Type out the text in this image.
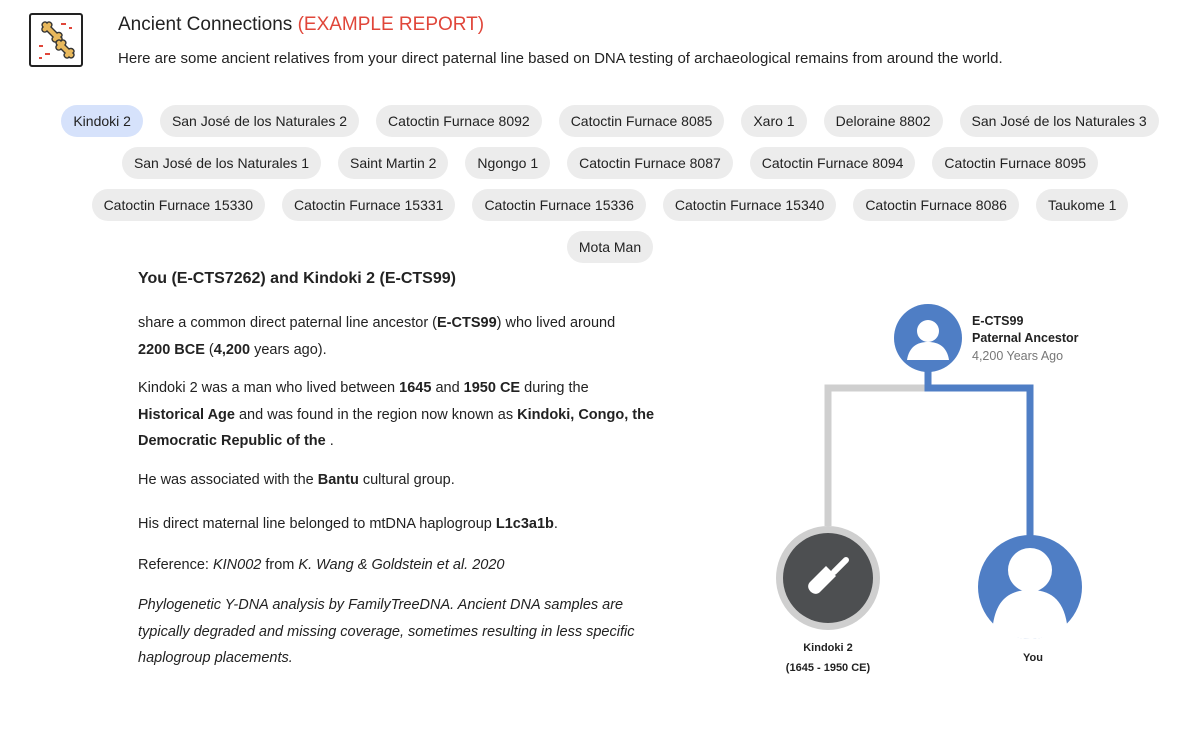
Ancient Connections (EXAMPLE REPORT)
Here are some ancient relatives from your direct paternal line based on DNA testing of archaeological remains from around the world.
Kindoki 2	San José de los Naturales 2	Catoctin Furnace 8092	Catoctin Furnace 8085	Xaro 1	Deloraine 8802	San José de los Naturales 3
San José de los Naturales 1	Saint Martin 2	Ngongo 1	Catoctin Furnace 8087	Catoctin Furnace 8094	Catoctin Furnace 8095
Catoctin Furnace 15330	Catoctin Furnace 15331	Catoctin Furnace 15336	Catoctin Furnace 15340	Catoctin Furnace 8086	Taukome 1
Mota Man
You (E-CTS7262) and Kindoki 2 (E-CTS99)
share a common direct paternal line ancestor (E-CTS99) who lived around
2200 BCE (4,200 years ago).
Kindoki 2 was a man who lived between 1645 and 1950 CE during the
Historical Age and was found in the region now known as Kindoki, Congo, the Democratic Republic of the .
He was associated with the Bantu cultural group.
His direct maternal line belonged to mtDNA haplogroup L1c3a1b.
Reference: KIN002 from K. Wang & Goldstein et al. 2020
Phylogenetic Y-DNA analysis by FamilyTreeDNA. Ancient DNA samples are typically degraded and missing coverage, sometimes resulting in less specific haplogroup placements.
E-CTS99
Paternal Ancestor
4,200 Years Ago
Kindoki 2
(1645 - 1950 CE)
You
